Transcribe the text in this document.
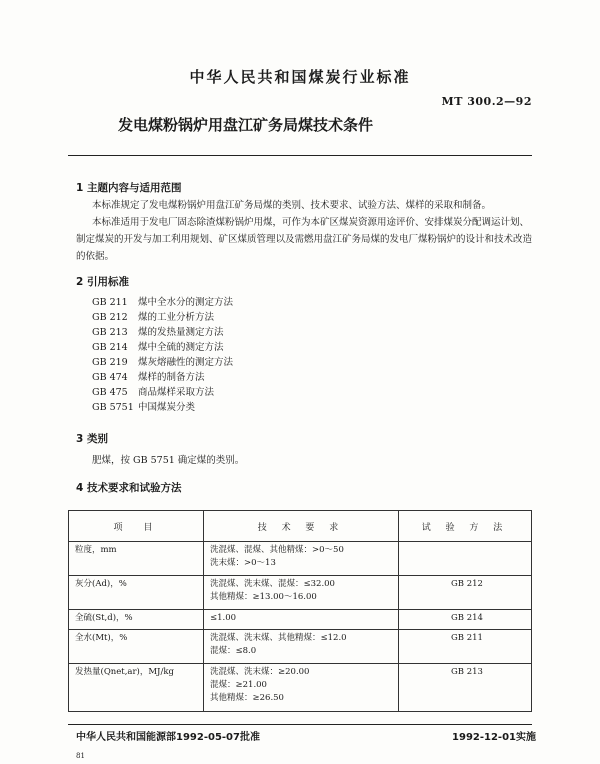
中华人民共和国煤炭行业标准
MT 300.2—92
发电煤粉锅炉用盘江矿务局煤技术条件
1 主题内容与适用范围
本标准规定了发电煤粉锅炉用盘江矿务局煤的类别、技术要求、试验方法、煤样的采取和制备。
本标准适用于发电厂固态除渣煤粉锅炉用煤，可作为本矿区煤炭资源用途评价、安排煤炭分配调运计划、制定煤炭的开发与加工利用规划、矿区煤质管理以及需燃用盘江矿务局煤的发电厂煤粉锅炉的设计和技术改造的依据。
2 引用标准
GB 211 煤中全水分的测定方法
GB 212 煤的工业分析方法
GB 213 煤的发热量测定方法
GB 214 煤中全硫的测定方法
GB 219 煤灰熔融性的测定方法
GB 474 煤样的制备方法
GB 475 商品煤样采取方法
GB 5751 中国煤炭分类
3 类别
肥煤，按 GB 5751 确定煤的类别。
4 技术要求和试验方法
项　目	技 术 要 求	试 验 方 法
粒度，mm	洗混煤、混煤、其他精煤：>0～50
洗末煤：>0～13	

灰分(Ad)，%	洗混煤、洗末煤、混煤：≤32.00
其他精煤：≥13.00～16.00	GB 212
全硫(St,d)，%	≤1.00	GB 214
全水(Mt)，%	洗混煤、洗末煤、其他精煤：≤12.0
混煤：≤8.0	GB 211
发热量(Qnet,ar)，MJ/kg	洗混煤、洗末煤：≥20.00
混煤：≥21.00
其他精煤：≥26.50	GB 213
中华人民共和国能源部1992-05-07批准	1992-12-01实施
81
